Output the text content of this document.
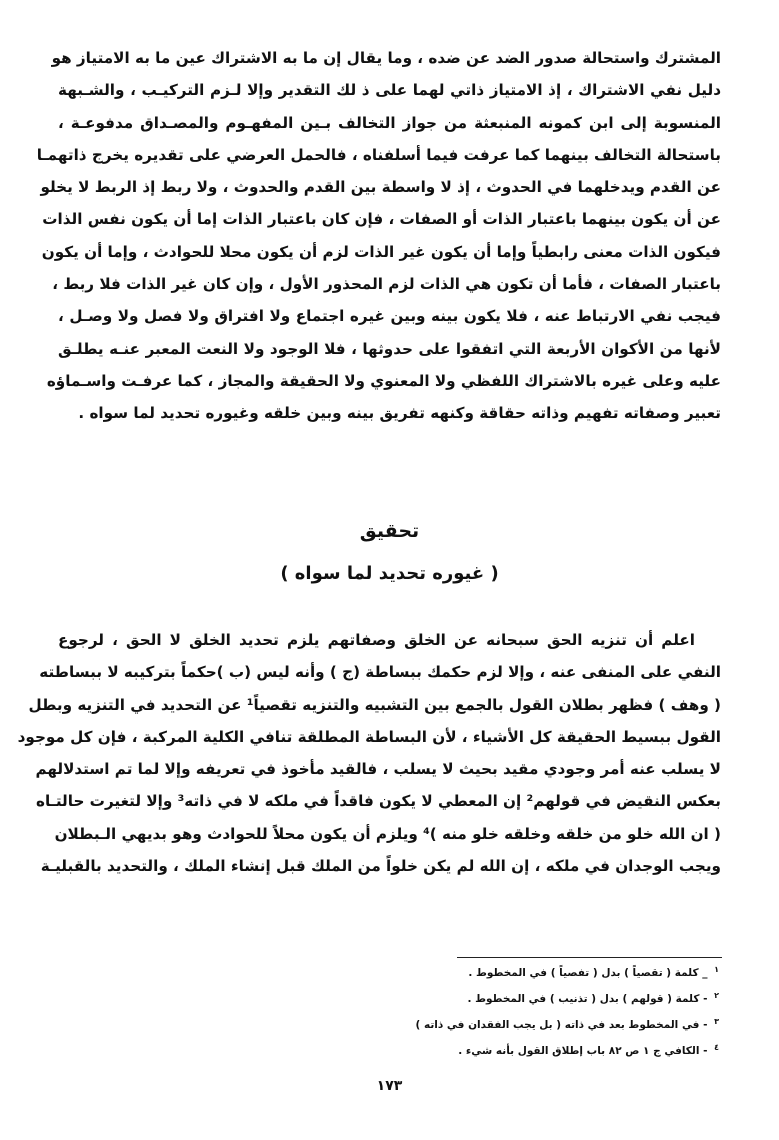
المشترك واستحالة صدور الضد عن ضده ، وما يقال إن ما به الاشتراك عين ما به الامتياز هو
دليل نفي الاشتراك ، إذ الامتياز ذاتي لهما على ذ لك التقدير وإلا لـزم التركيـب ، والشـبهة
المنسوبة إلى ابن كمونه المنبعثة من جواز التخالف بـين المفهـوم والمصـداق مدفوعـة ،
باستحالة التخالف بينهما كما عرفت فيما أسلفناه ، فالحمل العرضي على تقديره يخرج ذاتهمـا
عن القدم ويدخلهما في الحدوث ، إذ لا واسطة بين القدم والحدوث ، ولا ربط إذ الربط لا يخلو
عن أن يكون بينهما باعتبار الذات أو الصفات ، فإن كان باعتبار الذات إما أن يكون نفس الذات
فيكون الذات معنى رابطياً وإما أن يكون غير الذات لزم أن يكون محلا للحوادث ، وإما أن يكون
باعتبار الصفات ، فأما أن تكون هي الذات لزم المحذور الأول ، وإن كان غير الذات فلا ربط ،
فيجب نفي الارتباط عنه ، فلا يكون بينه وبين غيره اجتماع ولا افتراق ولا فصل ولا وصـل ،
لأنها من الأكوان الأربعة التي اتفقوا على حدوثها ، فلا الوجود ولا النعت المعبر عنـه يطلـق
عليه وعلى غيره بالاشتراك اللفظي ولا المعنوي ولا الحقيقة والمجاز ، كما عرفـت واسـماؤه
تعبير وصفاته تفهيم وذاته حقاقة وكنهه تفريق بينه وبين خلقه وغيوره تحديد لما سواه .
تحقيق
( غيوره تحديد لما سواه )
اعلم أن تنزيه الحق سبحانه عن الخلق وصفاتهم يلزم تحديد الخلق لا الحق ، لرجوع
النفي على المنفى عنه ، وإلا لزم حكمك ببساطة (ج ) وأنه ليس (ب )حكماً بتركيبه لا ببساطته
( وهف ) فظهر بطلان القول بالجمع بين التشبيه والتنزيه تقصياً¹ عن التحديد في التنزيه وبطل
القول ببسيط الحقيقة كل الأشياء ، لأن البساطة المطلقة تنافي الكلية المركبة ، فإن كل موجود
لا يسلب عنه أمر وجودي مقيد بحيث لا يسلب ، فالقيد مأخوذ في تعريفه وإلا لما تم استدلالهم
بعكس النقيض في قولهم² إن المعطي لا يكون فاقداً في ملكه لا في ذاته³ وإلا لتغيرت حالتـاه
( ان الله خلو من خلقه وخلقه خلو منه )⁴ ويلزم أن يكون محلاً للحوادث وهو بديهي الـبطلان
ويجب الوجدان في ملكه ، إن الله لم يكن خلواً من الملك قبل إنشاء الملك ، والتحديد بالقبليـة
١ _ كلمة ( تقصياً ) بدل ( تفصياً ) في المخطوط .
٢ - كلمة ( قولهم ) بدل ( تذنيب ) في المخطوط .
٣ - في المخطوط بعد في ذاته ( بل يجب الفقدان في ذاته )
٤ - الكافي ج ١ ص ٨٢ باب إطلاق القول بأنه شيء .
١٧٣
